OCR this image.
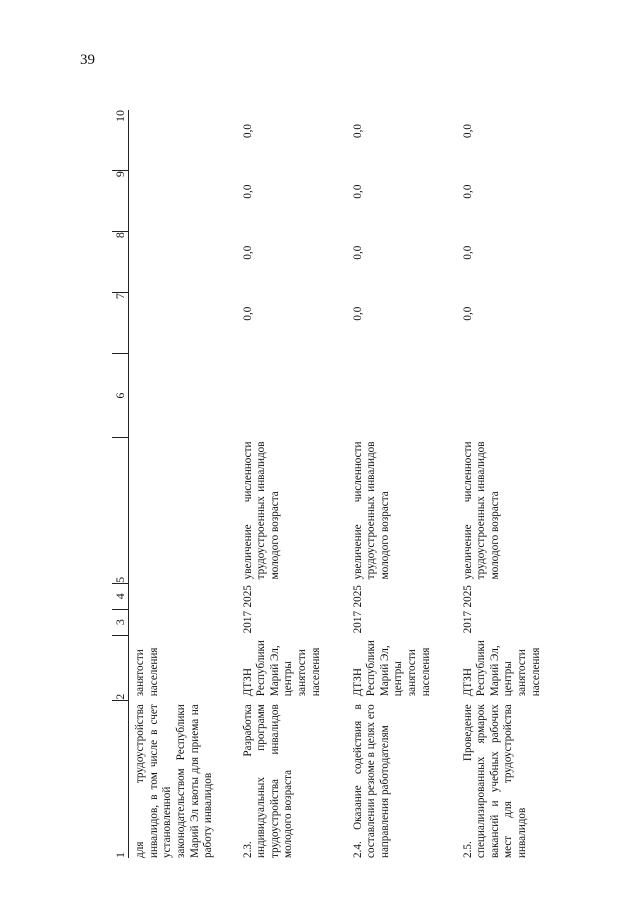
39
1	2	3	4	5	6	7	8	9	10
для трудоустройства инвалидов, в том числе в счет установленной законодательством Республики Марий Эл квоты для приема на работу инвалидов	занятости населения								
2.3. Разработка индивидуальных программ трудоустройства инвалидов молодого возраста	ДТЗН Республики Марий Эл, центры занятости населения	2017	2025	увеличение численности трудоустроенных инвалидов молодого возраста		0,0	0,0	0,0	0,0
2.4. Оказание содействия в составлении резюме в целях его направления работодателям	ДТЗН Республики Марий Эл, центры занятости населения	2017	2025	увеличение численности трудоустроенных инвалидов молодого возраста		0,0	0,0	0,0	0,0
2.5. Проведение специализированных ярмарок вакансий и учебных рабочих мест для трудоустройства инвалидов	ДТЗН Республики Марий Эл, центры занятости населения	2017	2025	увеличение численности трудоустроенных инвалидов молодого возраста		0,0	0,0	0,0	0,0
